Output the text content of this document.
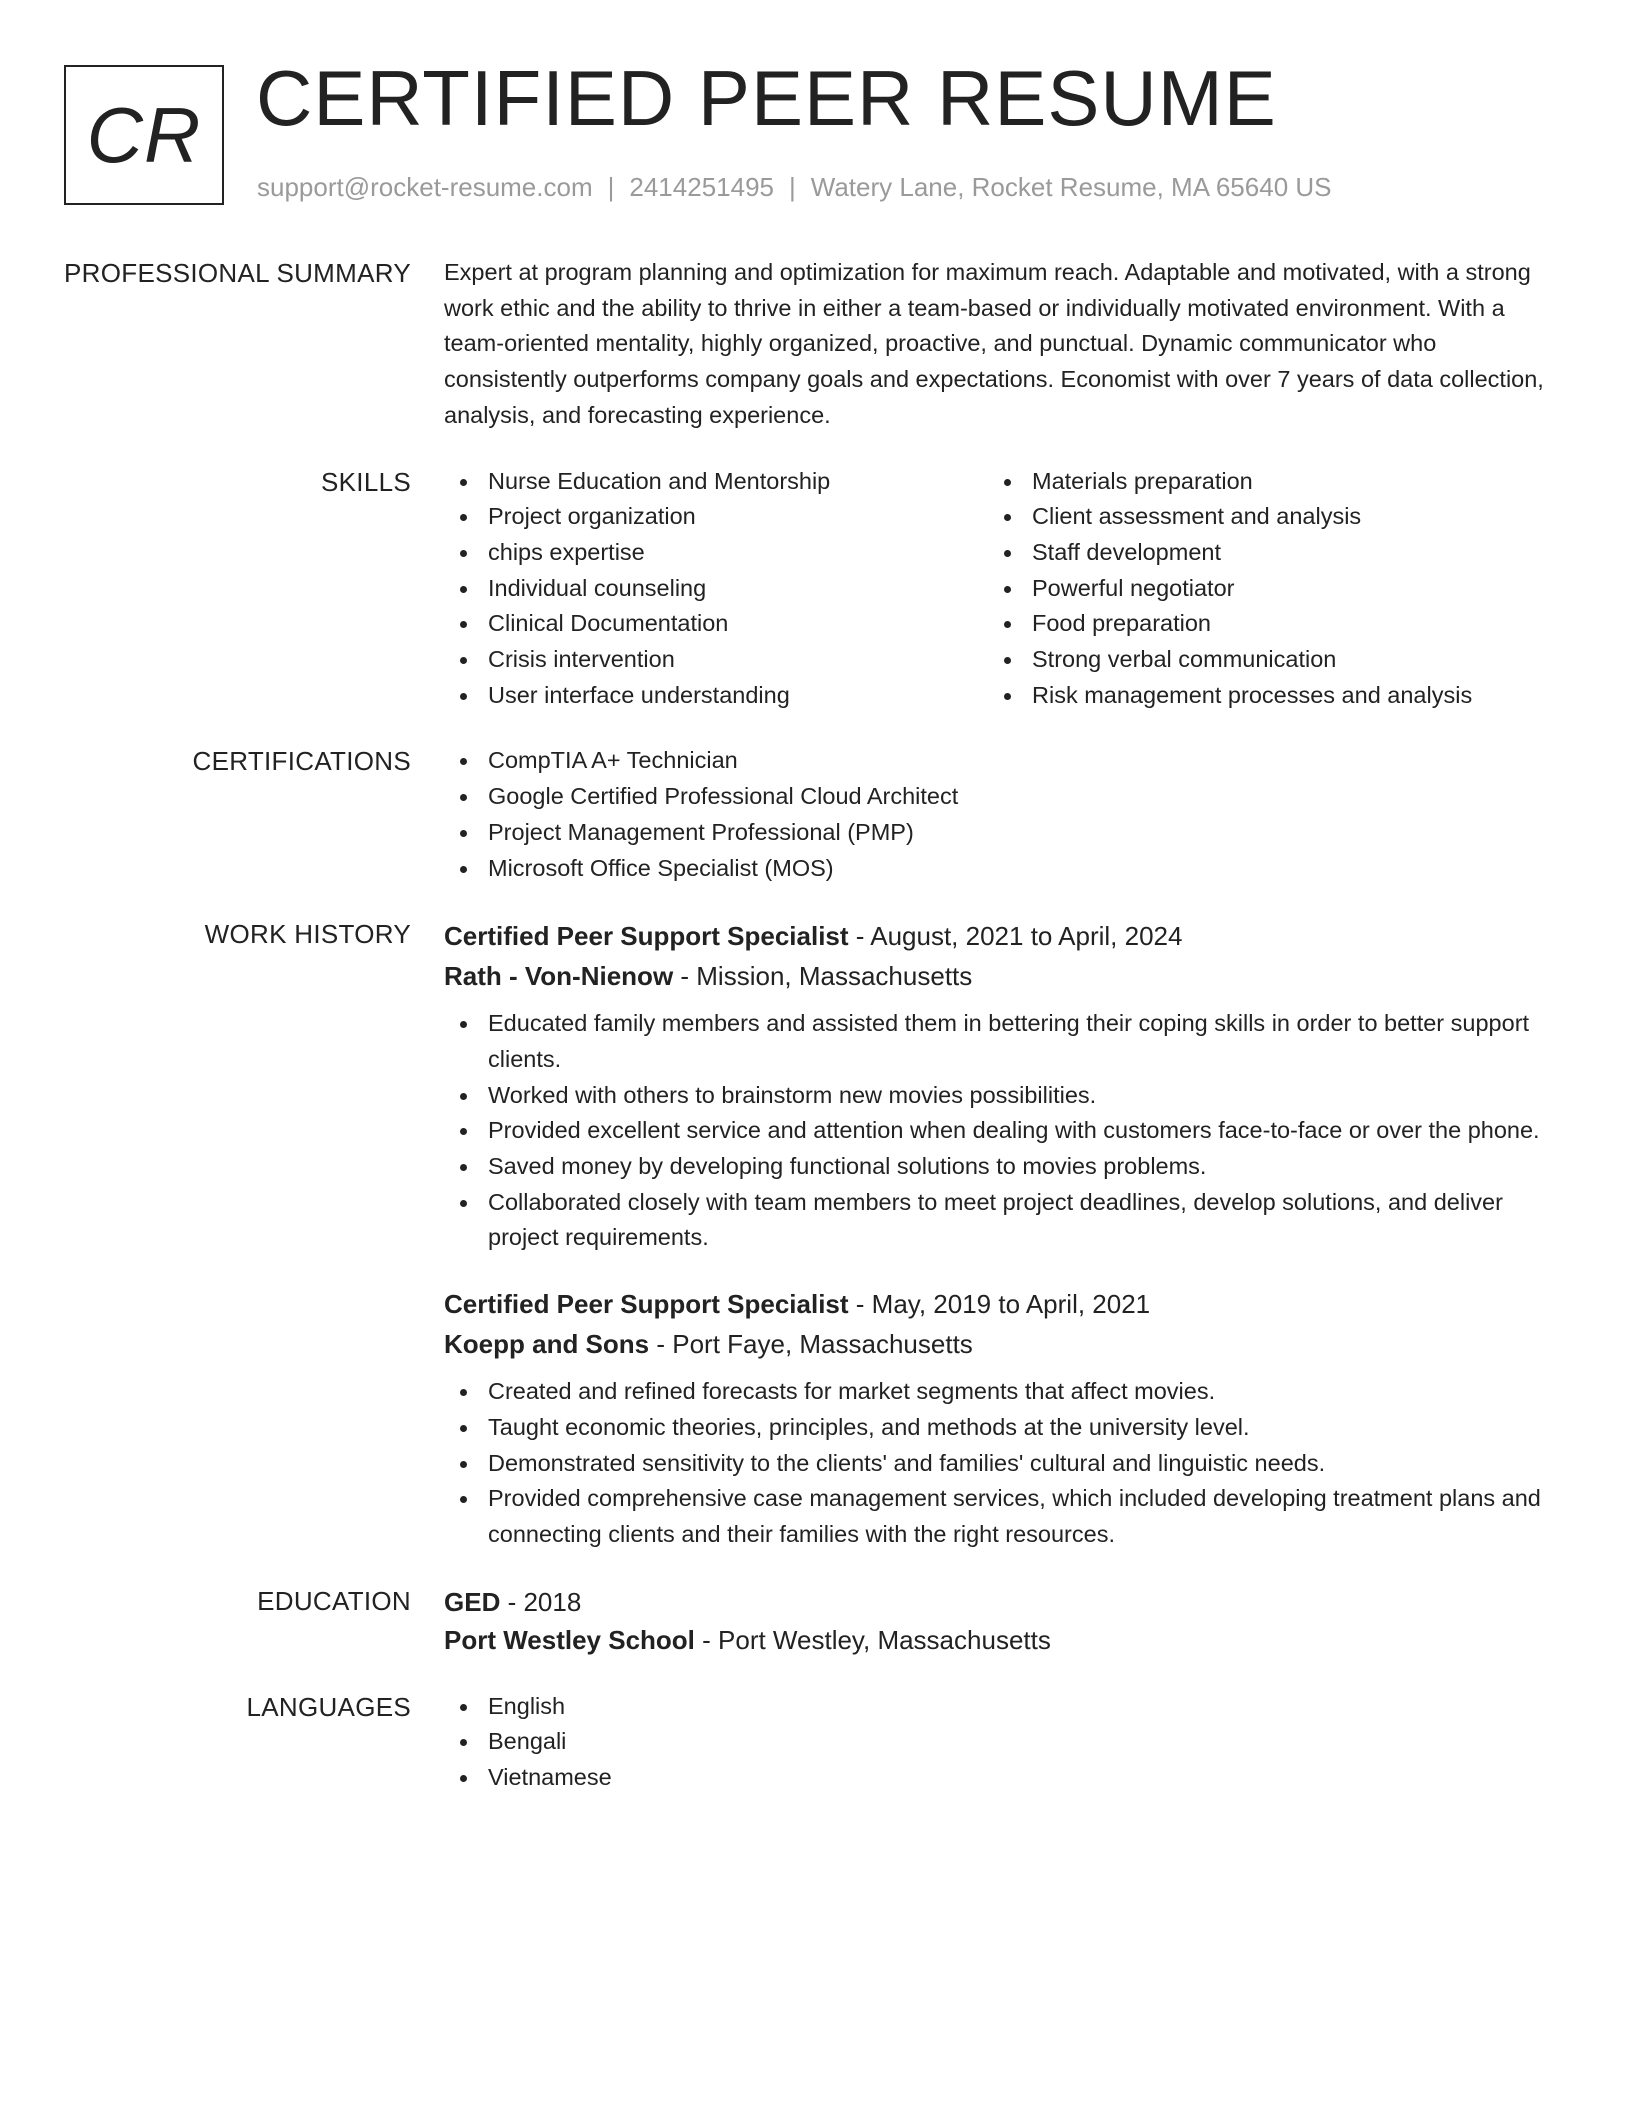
CR CERTIFIED PEER RESUME
support@rocket-resume.com | 2414251495 | Watery Lane, Rocket Resume, MA 65640 US
PROFESSIONAL SUMMARY Expert at program planning and optimization for maximum reach. Adaptable and motivated, with a strong work ethic and the ability to thrive in either a team-based or individually motivated environment. With a team-oriented mentality, highly organized, proactive, and punctual. Dynamic communicator who consistently outperforms company goals and expectations. Economist with over 7 years of data collection, analysis, and forecasting experience.

SKILLS	Nurse Education and Mentorship
Project organization
chips expertise
Individual counseling
Clinical Documentation
Crisis intervention
User interface understanding
Materials preparation
Client assessment and analysis
Staff development
Powerful negotiator
Food preparation
Strong verbal communication
Risk management processes and analysis
CERTIFICATIONS	CompTIA A+ Technician
Google Certified Professional Cloud Architect
Project Management Professional (PMP)
Microsoft Office Specialist (MOS)
WORK HISTORY Certified Peer Support Specialist - August, 2021 to April, 2024
Rath - Von-Nienow - Mission, Massachusetts
Educated family members and assisted them in bettering their coping skills in order to better support clients.
Worked with others to brainstorm new movies possibilities.
Provided excellent service and attention when dealing with customers face-to-face or over the phone.
Saved money by developing functional solutions to movies problems.
Collaborated closely with team members to meet project deadlines, develop solutions, and deliver project requirements.
Certified Peer Support Specialist - May, 2019 to April, 2021
Koepp and Sons - Port Faye, Massachusetts
Created and refined forecasts for market segments that affect movies.
Taught economic theories, principles, and methods at the university level.
Demonstrated sensitivity to the clients' and families' cultural and linguistic needs.
Provided comprehensive case management services, which included developing treatment plans and connecting clients and their families with the right resources.
EDUCATION GED - 2018
Port Westley School - Port Westley, Massachusetts
LANGUAGES	English
Bengali
Vietnamese
